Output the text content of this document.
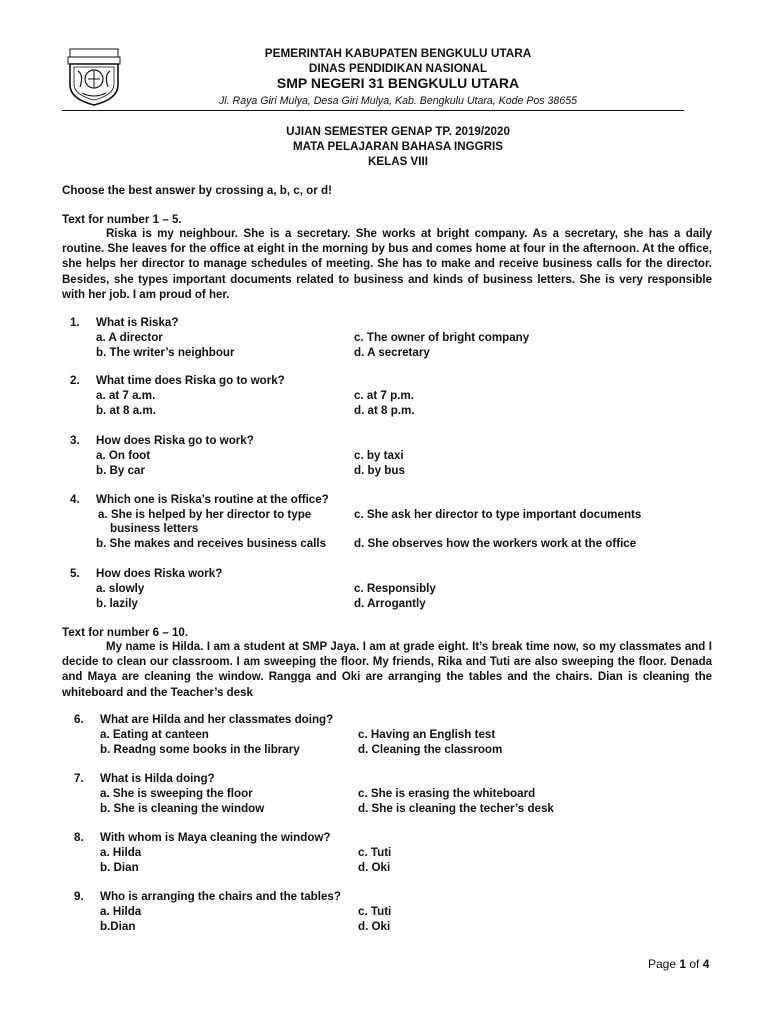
PEMERINTAH KABUPATEN BENGKULU UTARA
DINAS PENDIDIKAN NASIONAL
SMP NEGERI 31 BENGKULU UTARA
Jl. Raya Giri Mulya, Desa Giri Mulya, Kab. Bengkulu Utara, Kode Pos 38655
UJIAN SEMESTER GENAP TP. 2019/2020
MATA PELAJARAN BAHASA INGGRIS
KELAS VIII
Choose the best answer by crossing a, b, c, or d!
Text for number 1 – 5.
Riska is my neighbour. She is a secretary. She works at bright company. As a secretary, she has a daily routine. She leaves for the office at eight in the morning by bus and comes home at four in the afternoon. At the office, she helps her director to manage schedules of meeting. She has to make and receive business calls for the director. Besides, she types important documents related to business and kinds of business letters. She is very responsible with her job. I am proud of her.
1. What is Riska?
a. A director
b. The writer’s neighbour
c. The owner of bright company
d. A secretary
2. What time does Riska go to work?
a. at 7 a.m.
b. at 8 a.m.
c. at 7 p.m.
d. at 8 p.m.
3. How does Riska go to work?
a. On foot
b. By car
c. by taxi
d. by bus
4. Which one is Riska’s routine at the office?
a. She is helped by her director to type
business letters
b. She makes and receives business calls
c. She ask her director to type important documents
d. She observes how the workers work at the office
5. How does Riska work?
a. slowly
b. lazily
c. Responsibly
d. Arrogantly
Text for number 6 – 10.
My name is Hilda. I am a student at SMP Jaya. I am at grade eight. It’s break time now, so my classmates and I decide to clean our classroom. I am sweeping the floor. My friends, Rika and Tuti are also sweeping the floor. Denada and Maya are cleaning the window. Rangga and Oki are arranging the tables and the chairs. Dian is cleaning the whiteboard and the Teacher’s desk
6. What are Hilda and her classmates doing?
a. Eating at canteen
b. Readng some books in the library
c. Having an English test
d. Cleaning the classroom
7. What is Hilda doing?
a. She is sweeping the floor
b. She is cleaning the window
c. She is erasing the whiteboard
d. She is cleaning the techer’s desk
8. With whom is Maya cleaning the window?
a. Hilda
b. Dian
c. Tuti
d. Oki
9. Who is arranging the chairs and the tables?
a. Hilda
b.Dian
c. Tuti
d. Oki
Page 1 of 4
